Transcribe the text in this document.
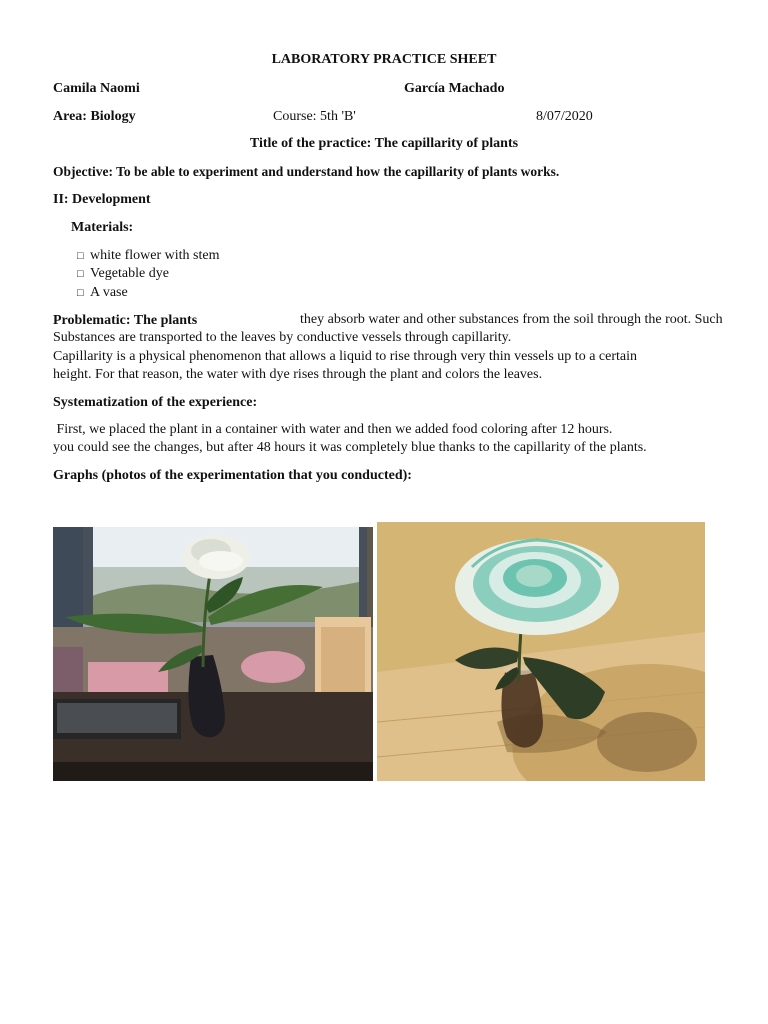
LABORATORY PRACTICE SHEET
Camila Naomi	García Machado
Area: Biology	Course: 5th 'B'	8/07/2020
Title of the practice: The capillarity of plants
Objective: To be able to experiment and understand how the capillarity of plants works.
II: Development
Materials:
□ white flower with stem
□ Vegetable dye
□ A vase
Problematic: The plants	they absorb water and other substances from the soil through the root. Such
Substances are transported to the leaves by conductive vessels through capillarity.
Capillarity is a physical phenomenon that allows a liquid to rise through very thin vessels up to a certain
height. For that reason, the water with dye rises through the plant and colors the leaves.
Systematization of the experience:
First, we placed the plant in a container with water and then we added food coloring after 12 hours.
you could see the changes, but after 48 hours it was completely blue thanks to the capillarity of the plants.
Graphs (photos of the experimentation that you conducted):
